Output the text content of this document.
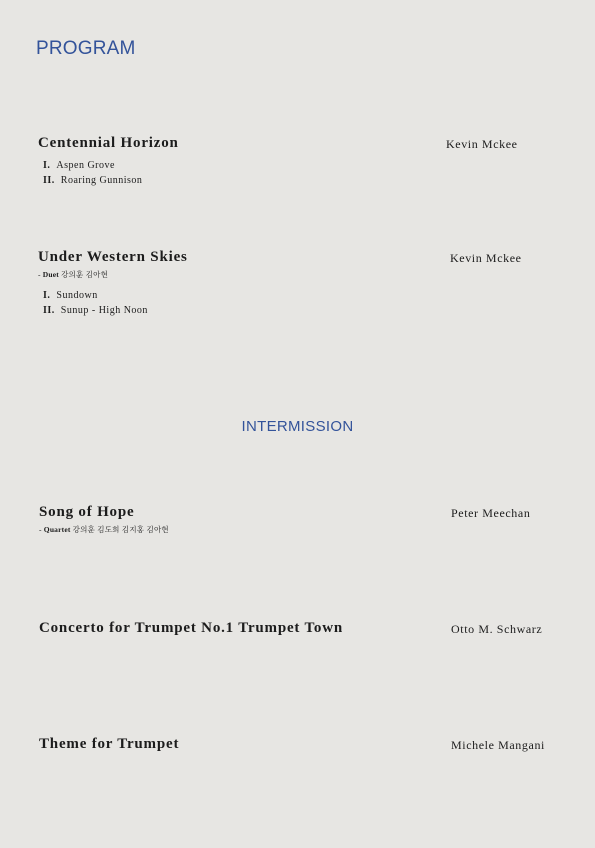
PROGRAM
Centennial Horizon
I. Aspen Grove
II. Roaring Gunnison
Kevin Mckee
Under Western Skies
- Duet 강의훈 김아현
I. Sundown
II. Sunup - High Noon
Kevin Mckee
INTERMISSION
Song of Hope
- Quartet 강의훈 김도희 김지홍 김아현
Peter Meechan
Concerto for Trumpet No.1 Trumpet Town	Otto M. Schwarz
Theme for Trumpet	Michele Mangani
